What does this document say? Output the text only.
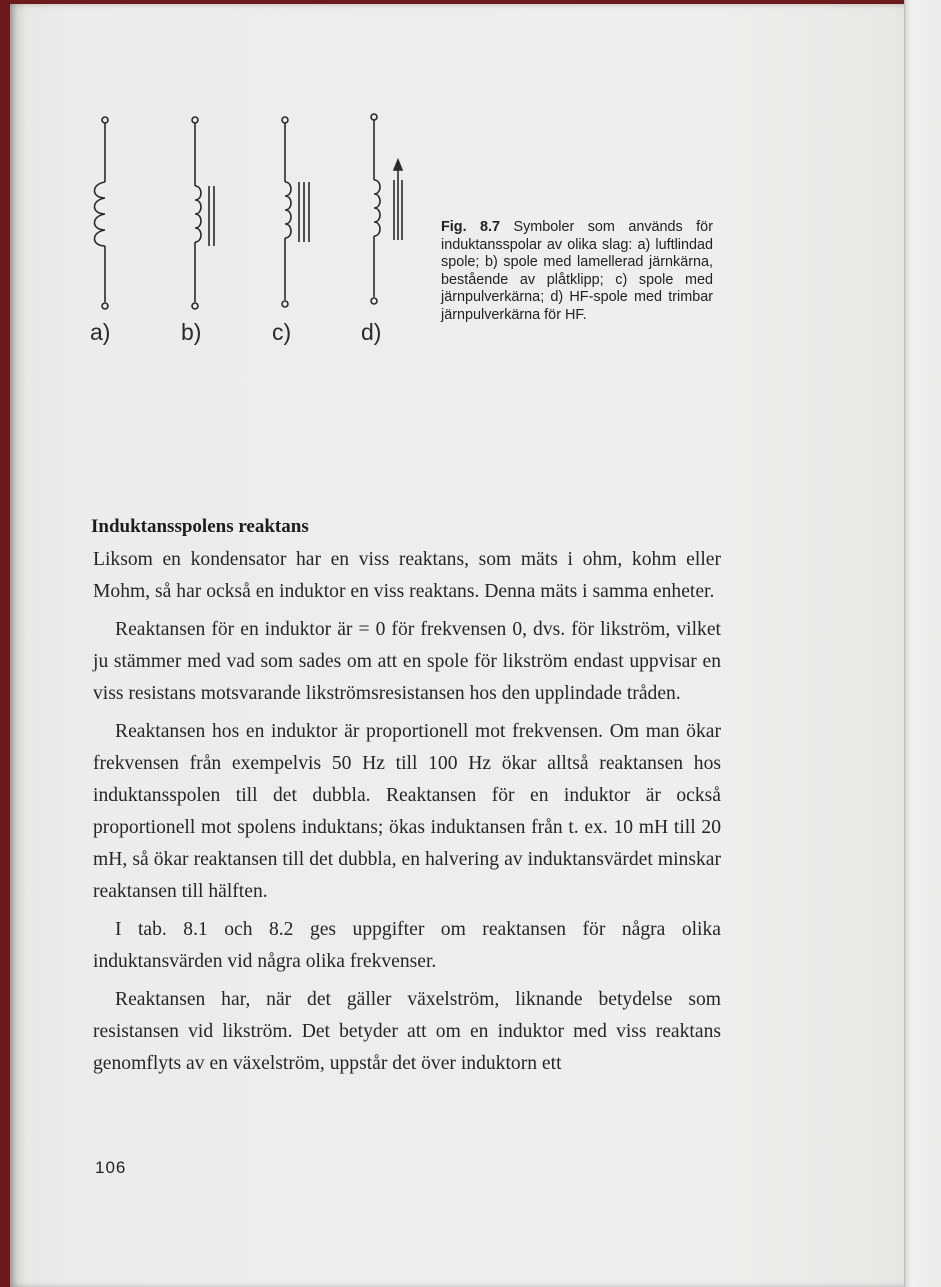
a)	b)	c)	d)
Fig. 8.7 Symboler som används för induktansspolar av olika slag: a) luftlindad spole; b) spole med lamellerad järnkärna, bestående av plåtklipp; c) spole med järnpulverkärna; d) HF-spole med trimbar järnpulverkärna för HF.
Induktansspolens reaktans

Liksom en kondensator har en viss reaktans, som mäts i ohm, kohm eller Mohm, så har också en induktor en viss reaktans. Denna mäts i samma enheter.

Reaktansen för en induktor är = 0 för frekvensen 0, dvs. för likström, vilket ju stämmer med vad som sades om att en spole för likström endast uppvisar en viss resistans motsvarande likströmsresistansen hos den upplindade tråden.

Reaktansen hos en induktor är proportionell mot frekvensen. Om man ökar frekvensen från exempelvis 50 Hz till 100 Hz ökar alltså reaktansen hos induktansspolen till det dubbla. Reaktansen för en induktor är också proportionell mot spolens induktans; ökas induktansen från t. ex. 10 mH till 20 mH, så ökar reaktansen till det dubbla, en halvering av induktansvärdet minskar reaktansen till hälften.

I tab. 8.1 och 8.2 ges uppgifter om reaktansen för några olika induktansvärden vid några olika frekvenser.

Reaktansen har, när det gäller växelström, liknande betydelse som resistansen vid likström. Det betyder att om en induktor med viss reaktans genomflyts av en växelström, uppstår det över induktorn ett

106
